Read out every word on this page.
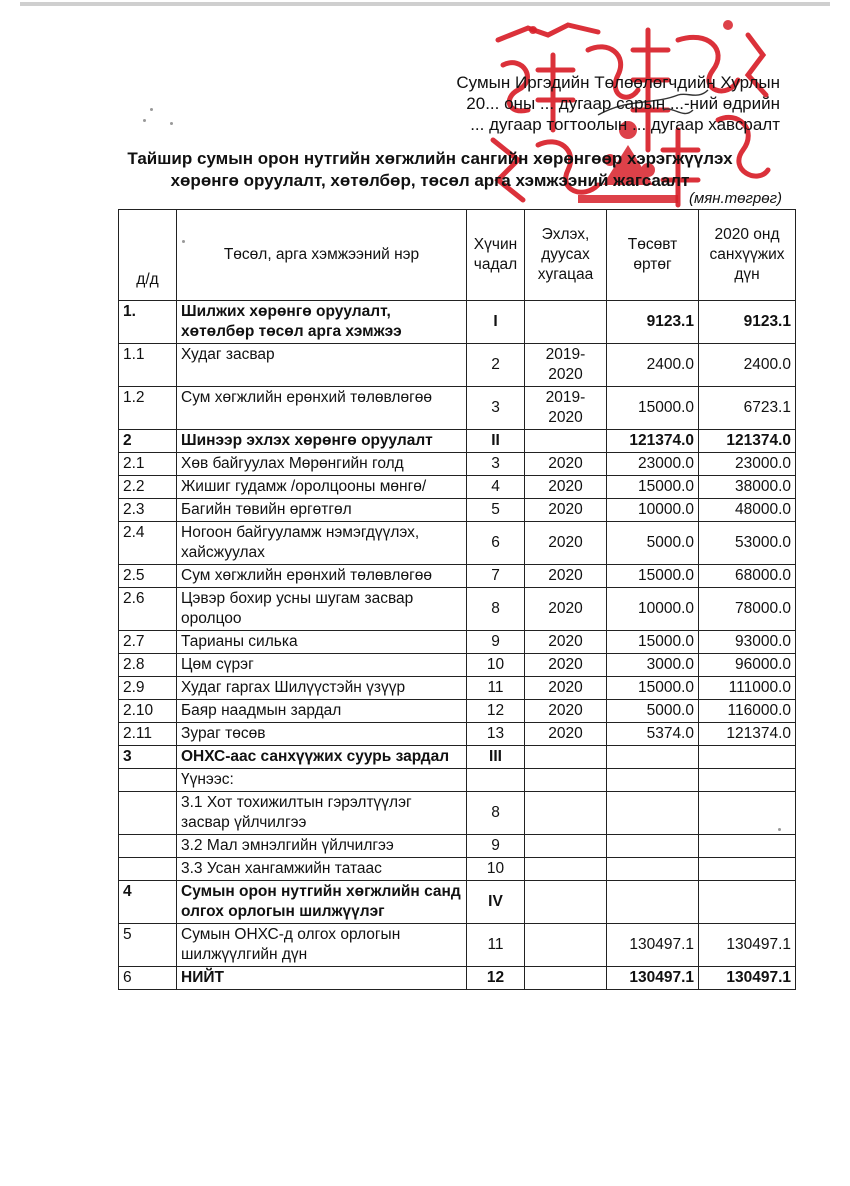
Сумын Иргэдийн Төлөөлөгчдийн Хурлын
20... оны ... дугаар сарын ...-ний өдрийн
... дугаар тогтоолын ... дугаар хавсралт
Тайшир сумын орон нутгийн хөгжлийн сангийн хөрөнгөөр хэрэгжүүлэх
хөрөнгө оруулалт, хөтөлбөр, төсөл арга хэмжээний жагсаалт
(мян.төгрөг)
д/д	Төсөл, арга хэмжээний нэр	Хүчин чадал	Эхлэх, дуусах хугацаа	Төсөвт өртөг	2020 онд санхүүжих дүн
1.	Шилжих хөрөнгө оруулалт, хөтөлбөр төсөл арга хэмжээ	I		9123.1	9123.1
1.1	Худаг засвар	2	2019-2020	2400.0	2400.0
1.2	Сум хөгжлийн ерөнхий төлөвлөгөө	3	2019-2020	15000.0	6723.1
2	Шинээр эхлэх хөрөнгө оруулалт	II		121374.0	121374.0
2.1	Хөв байгуулах Мөрөнгийн голд	3	2020	23000.0	23000.0
2.2	Жишиг гудамж /оролцооны мөнгө/	4	2020	15000.0	38000.0
2.3	Багийн төвийн өргөтгөл	5	2020	10000.0	48000.0
2.4	Ногоон байгууламж нэмэгдүүлэх, хайсжуулах	6	2020	5000.0	53000.0
2.5	Сум хөгжлийн ерөнхий төлөвлөгөө	7	2020	15000.0	68000.0
2.6	Цэвэр бохир усны шугам засвар оролцоо	8	2020	10000.0	78000.0
2.7	Тарианы силька	9	2020	15000.0	93000.0
2.8	Цөм сүрэг	10	2020	3000.0	96000.0
2.9	Худаг гаргах Шилүүстэйн үзүүр	11	2020	15000.0	111000.0
2.10	Баяр наадмын зардал	12	2020	5000.0	116000.0
2.11	Зураг төсөв	13	2020	5374.0	121374.0
3	ОНХС-аас санхүүжих суурь зардал	III			
	Үүнээс:				
	3.1 Хот тохижилтын гэрэлтүүлэг засвар үйлчилгээ	8			
	3.2 Мал эмнэлгийн үйлчилгээ	9			
	3.3 Усан хангамжийн татаас	10			
4	Сумын орон нутгийн хөгжлийн санд олгох орлогын шилжүүлэг	IV			
5	Сумын ОНХС-д олгох орлогын шилжүүлгийн дүн	11		130497.1	130497.1
6	НИЙТ	12		130497.1	130497.1
